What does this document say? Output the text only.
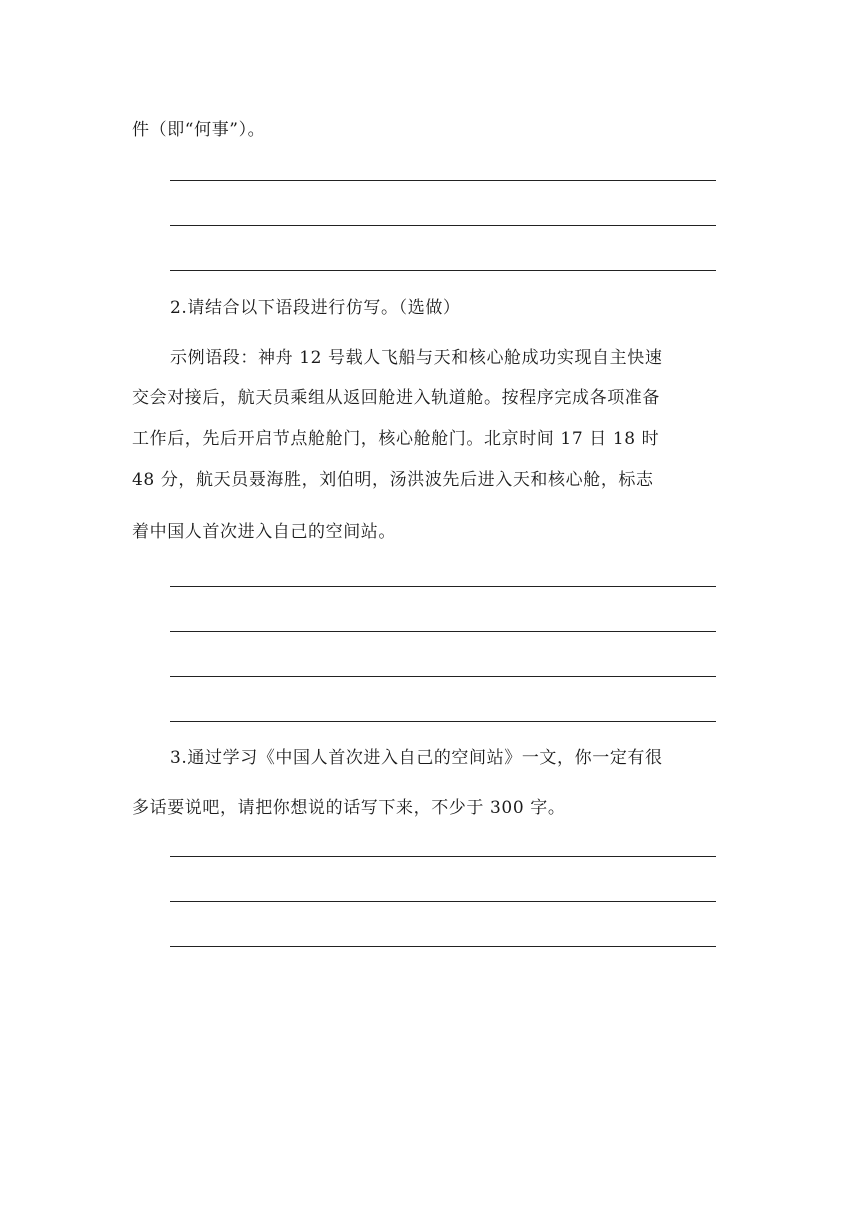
件（即“何事”）。
2.请结合以下语段进行仿写。（选做）
示例语段：神舟 12 号载人飞船与天和核心舱成功实现自主快速
交会对接后，航天员乘组从返回舱进入轨道舱。按程序完成各项准备
工作后，先后开启节点舱舱门，核心舱舱门。北京时间 17 日 18 时
48 分，航天员聂海胜，刘伯明，汤洪波先后进入天和核心舱，标志
着中国人首次进入自己的空间站。
3.通过学习《中国人首次进入自己的空间站》一文，你一定有很
多话要说吧，请把你想说的话写下来，不少于 300 字。
